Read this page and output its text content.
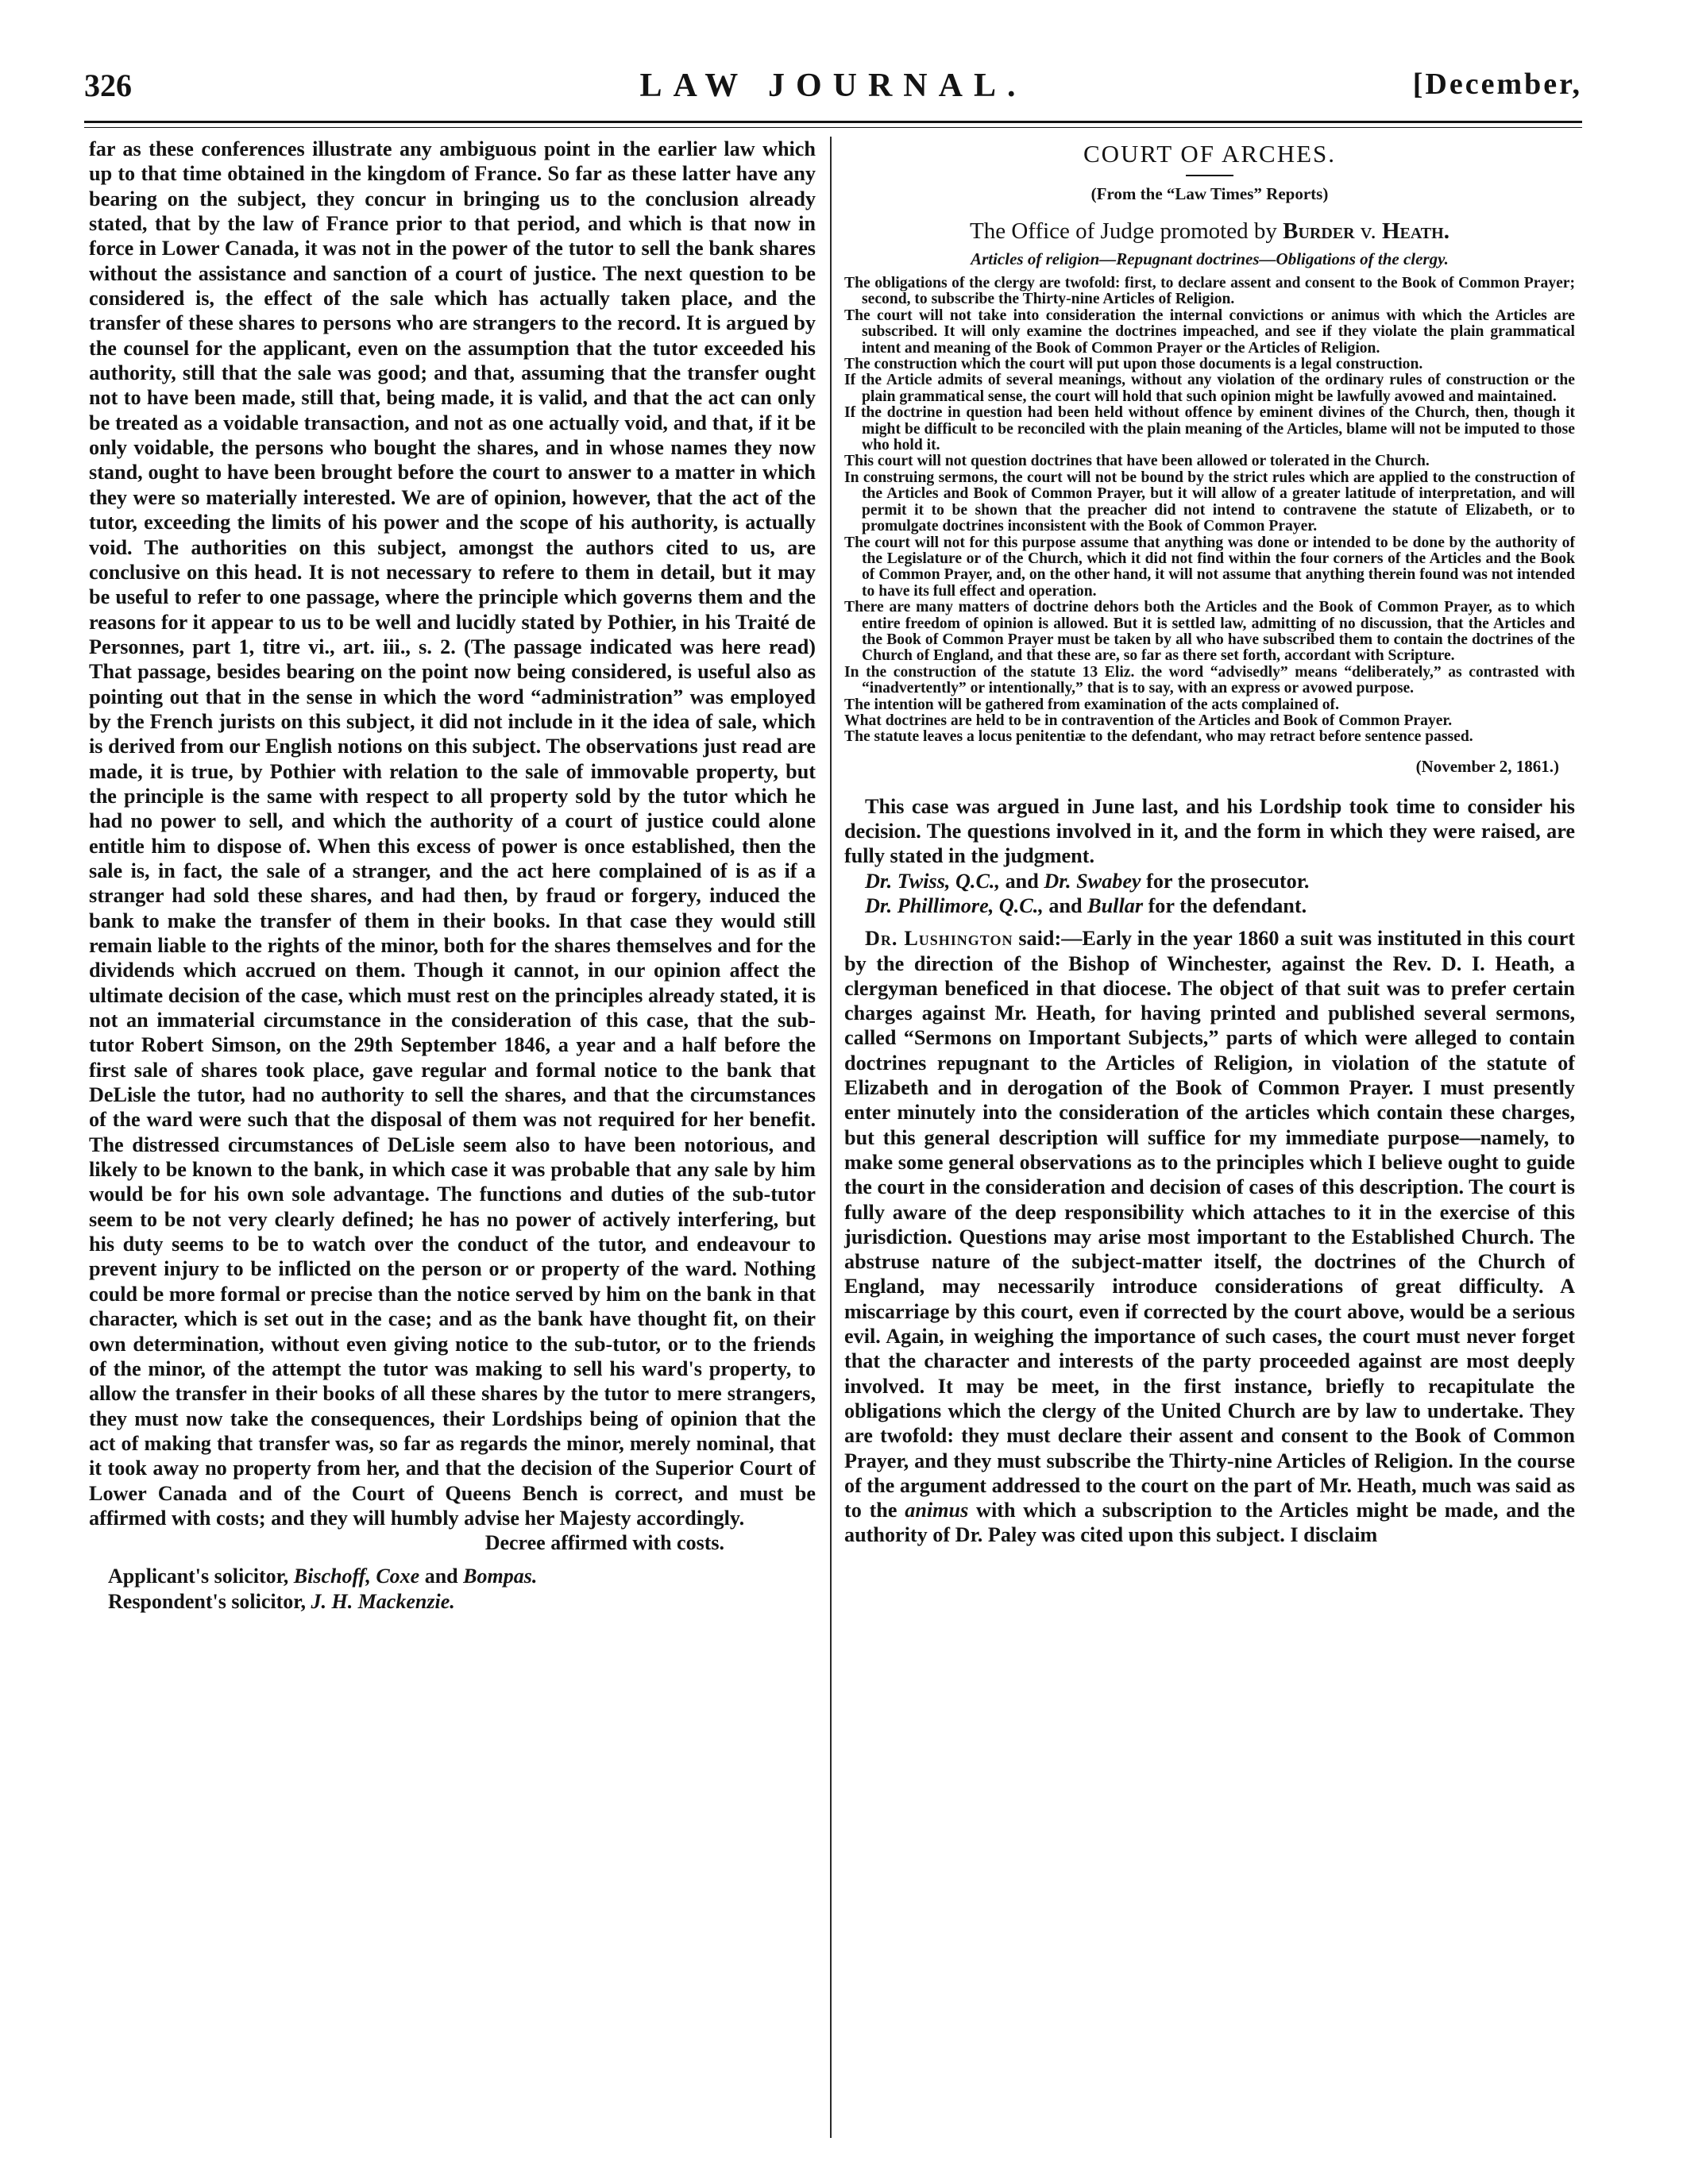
326	LAW JOURNAL.	[December,

far as these conferences illustrate any ambiguous point in the earlier law which up to that time obtained in the kingdom of France. So far as these latter have any bearing on the subject, they concur in bringing us to the conclusion already stated, that by the law of France prior to that period, and which is that now in force in Lower Canada, it was not in the power of the tutor to sell the bank shares without the assistance and sanction of a court of justice. The next question to be considered is, the effect of the sale which has actually taken place, and the transfer of these shares to persons who are strangers to the record. It is argued by the counsel for the applicant, even on the assumption that the tutor exceeded his authority, still that the sale was good; and that, assuming that the transfer ought not to have been made, still that, being made, it is valid, and that the act can only be treated as a voidable transaction, and not as one actually void, and that, if it be only voidable, the persons who bought the shares, and in whose names they now stand, ought to have been brought before the court to answer to a matter in which they were so materially interested. We are of opinion, however, that the act of the tutor, exceeding the limits of his power and the scope of his authority, is actually void. The authorities on this subject, amongst the authors cited to us, are conclusive on this head. It is not necessary to refere to them in detail, but it may be useful to refer to one passage, where the principle which governs them and the reasons for it appear to us to be well and lucidly stated by Pothier, in his Traité de Personnes, part 1, titre vi., art. iii., s. 2. (The passage indicated was here read) That passage, besides bearing on the point now being considered, is useful also as pointing out that in the sense in which the word “administration” was employed by the French jurists on this subject, it did not include in it the idea of sale, which is derived from our English notions on this subject. The observations just read are made, it is true, by Pothier with relation to the sale of immovable property, but the principle is the same with respect to all property sold by the tutor which he had no power to sell, and which the authority of a court of justice could alone entitle him to dispose of. When this excess of power is once established, then the sale is, in fact, the sale of a stranger, and the act here complained of is as if a stranger had sold these shares, and had then, by fraud or forgery, induced the bank to make the transfer of them in their books. In that case they would still remain liable to the rights of the minor, both for the shares themselves and for the dividends which accrued on them. Though it cannot, in our opinion affect the ultimate decision of the case, which must rest on the principles already stated, it is not an immaterial circumstance in the consideration of this case, that the sub-tutor Robert Simson, on the 29th September 1846, a year and a half before the first sale of shares took place, gave regular and formal notice to the bank that DeLisle the tutor, had no authority to sell the shares, and that the circumstances of the ward were such that the disposal of them was not required for her benefit. The distressed circumstances of DeLisle seem also to have been notorious, and likely to be known to the bank, in which case it was probable that any sale by him would be for his own sole advantage. The functions and duties of the sub-tutor seem to be not very clearly defined; he has no power of actively interfering, but his duty seems to be to watch over the conduct of the tutor, and endeavour to prevent injury to be inflicted on the person or or property of the ward. Nothing could be more formal or precise than the notice served by him on the bank in that character, which is set out in the case; and as the bank have thought fit, on their own determination, without even giving notice to the sub-tutor, or to the friends of the minor, of the attempt the tutor was making to sell his ward's property, to allow the transfer in their books of all these shares by the tutor to mere strangers, they must now take the consequences, their Lordships being of opinion that the act of making that transfer was, so far as regards the minor, merely nominal, that it took away no property from her, and that the decision of the Superior Court of Lower Canada and of the Court of Queens Bench is correct, and must be affirmed with costs; and they will humbly advise her Majesty accordingly.

Decree affirmed with costs.

Applicant's solicitor, Bischoff, Coxe and Bompas.

Respondent's solicitor, J. H. Mackenzie.

COURT OF ARCHES.
(From the “Law Times” Reports)
The Office of Judge promoted by Burder v. Heath.
Articles of religion—Repugnant doctrines—Obligations of the clergy.
The obligations of the clergy are twofold: first, to declare assent and consent to the Book of Common Prayer; second, to subscribe the Thirty-nine Articles of Religion.
The court will not take into consideration the internal convictions or animus with which the Articles are subscribed. It will only examine the doctrines impeached, and see if they violate the plain grammatical intent and meaning of the Book of Common Prayer or the Articles of Religion.
The construction which the court will put upon those documents is a legal construction.
If the Article admits of several meanings, without any violation of the ordinary rules of construction or the plain grammatical sense, the court will hold that such opinion might be lawfully avowed and maintained.
If the doctrine in question had been held without offence by eminent divines of the Church, then, though it might be difficult to be reconciled with the plain meaning of the Articles, blame will not be imputed to those who hold it.
This court will not question doctrines that have been allowed or tolerated in the Church.
In construing sermons, the court will not be bound by the strict rules which are applied to the construction of the Articles and Book of Common Prayer, but it will allow of a greater latitude of interpretation, and will permit it to be shown that the preacher did not intend to contravene the statute of Elizabeth, or to promulgate doctrines inconsistent with the Book of Common Prayer.
The court will not for this purpose assume that anything was done or intended to be done by the authority of the Legislature or of the Church, which it did not find within the four corners of the Articles and the Book of Common Prayer, and, on the other hand, it will not assume that anything therein found was not intended to have its full effect and operation.
There are many matters of doctrine dehors both the Articles and the Book of Common Prayer, as to which entire freedom of opinion is allowed. But it is settled law, admitting of no discussion, that the Articles and the Book of Common Prayer must be taken by all who have subscribed them to contain the doctrines of the Church of England, and that these are, so far as there set forth, accordant with Scripture.
In the construction of the statute 13 Eliz. the word “advisedly” means “deliberately,” as contrasted with “inadvertently” or intentionally,” that is to say, with an express or avowed purpose.
The intention will be gathered from examination of the acts complained of.
What doctrines are held to be in contravention of the Articles and Book of Common Prayer.
The statute leaves a locus penitentiæ to the defendant, who may retract before sentence passed.
(November 2, 1861.)

This case was argued in June last, and his Lordship took time to consider his decision. The questions involved in it, and the form in which they were raised, are fully stated in the judgment.

Dr. Twiss, Q.C., and Dr. Swabey for the prosecutor.

Dr. Phillimore, Q.C., and Bullar for the defendant.

Dr. Lushington said:—Early in the year 1860 a suit was instituted in this court by the direction of the Bishop of Winchester, against the Rev. D. I. Heath, a clergyman beneficed in that diocese. The object of that suit was to prefer certain charges against Mr. Heath, for having printed and published several sermons, called “Sermons on Important Subjects,” parts of which were alleged to contain doctrines repugnant to the Articles of Religion, in violation of the statute of Elizabeth and in derogation of the Book of Common Prayer. I must presently enter minutely into the consideration of the articles which contain these charges, but this general description will suffice for my immediate purpose—namely, to make some general observations as to the principles which I believe ought to guide the court in the consideration and decision of cases of this description. The court is fully aware of the deep responsibility which attaches to it in the exercise of this jurisdiction. Questions may arise most important to the Established Church. The abstruse nature of the subject-matter itself, the doctrines of the Church of England, may necessarily introduce considerations of great difficulty. A miscarriage by this court, even if corrected by the court above, would be a serious evil. Again, in weighing the importance of such cases, the court must never forget that the character and interests of the party proceeded against are most deeply involved. It may be meet, in the first instance, briefly to recapitulate the obligations which the clergy of the United Church are by law to undertake. They are twofold: they must declare their assent and consent to the Book of Common Prayer, and they must subscribe the Thirty-nine Articles of Religion. In the course of the argument addressed to the court on the part of Mr. Heath, much was said as to the animus with which a subscription to the Articles might be made, and the authority of Dr. Paley was cited upon this subject. I disclaim
